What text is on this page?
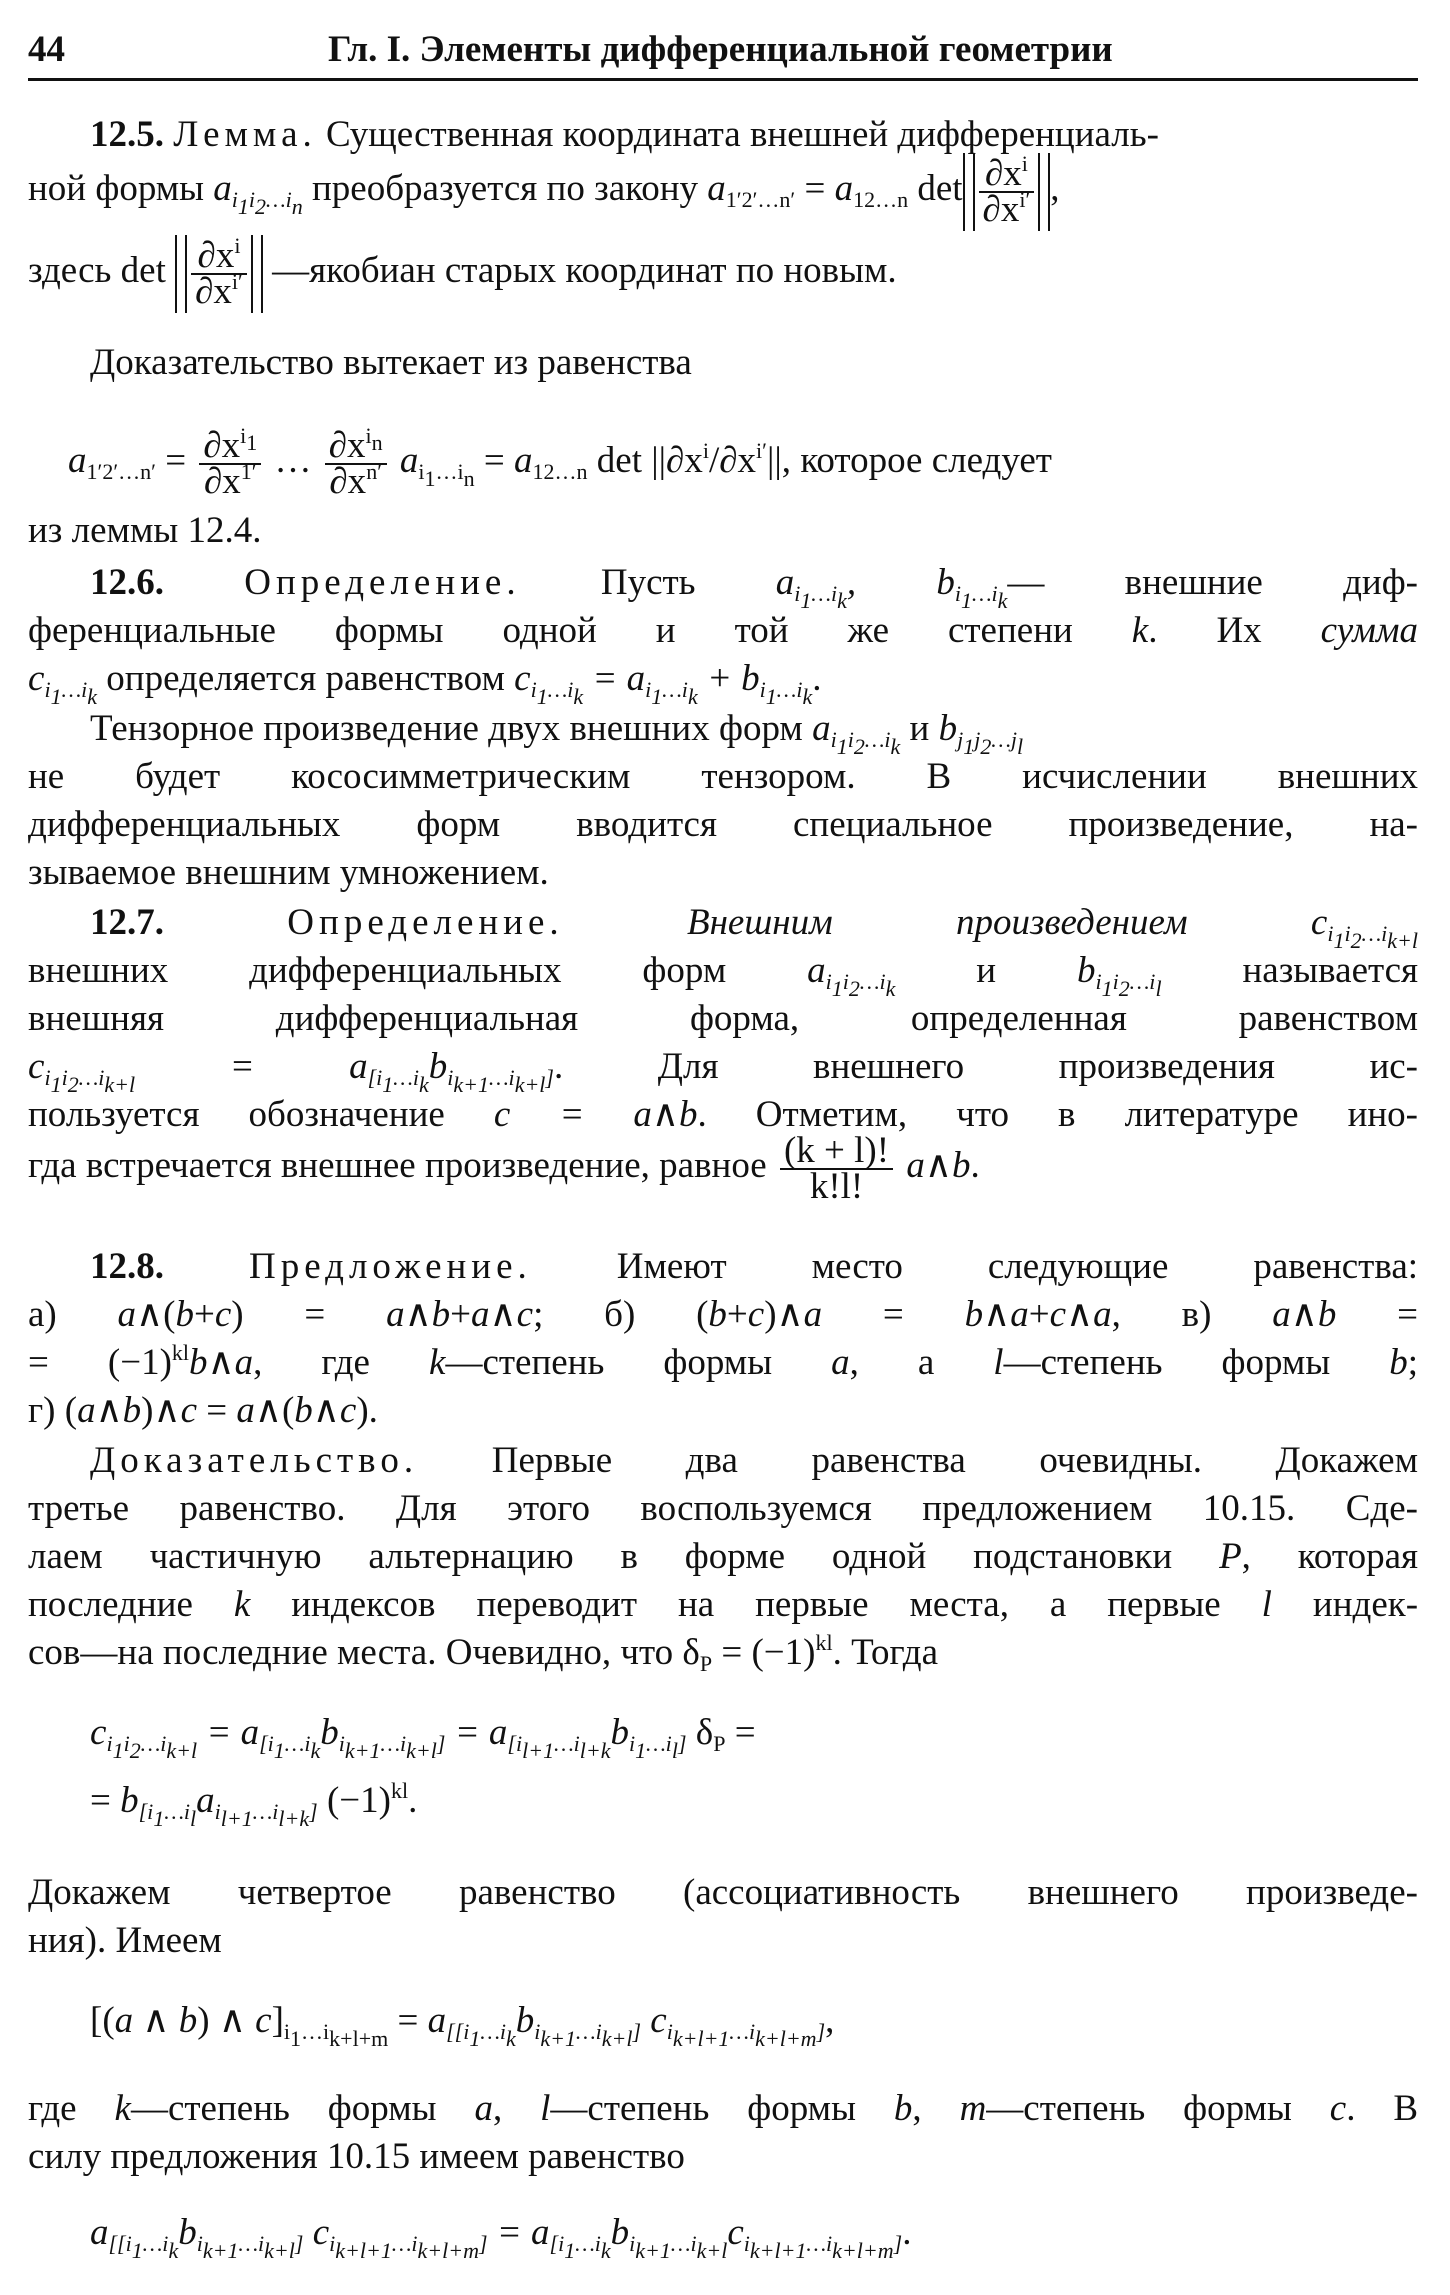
44	Гл. I. Элементы дифференциальной геометрии
12.5. Лемма. Существенная координата внешней дифференциаль-
ной формы $a_{i_1i_2\dots i_n}$ преобразуется по закону $a_{1'2'\dots n'} = a_{12\dots n}$ $\det \frac{\partial x^i}{\partial x^{i'}}$ ,
здесь $\det \frac{\partial x^i}{\partial x^{i'}}$ —якобиан старых координат по новым.
Доказательство вытекает из равенства
$a_{1'2'\dots n'} = \frac{\partial x^{i_1}}{\partial x^{1'}}$ … $\frac{\partial x^{i_n}}{\partial x^{n'}} a_{i_1\dots i_n} = a_{12\dots n}$ $\det ||\partial x^i/\partial x^{i'}||$, которое следует
из леммы 12.4.
12.6. Определение. Пусть $a_{i_1\dots i_k}$, $b_{i_1\dots i_k}—$ внешние диф-
ференциальные формы одной и той же степени k. Их сумма
$c_{i_1\dots i_k}$ определяется равенством $c_{i_1\dots i_k} = a_{i_1\dots i_k} + b_{i_1\dots i_k}$.
Тензорное произведение двух внешних форм $a_{i_1i_2\dots i_k}$ и $b_{j_1j_2\dots j_l}$
не будет кососимметрическим тензором. В исчислении внешних
дифференциальных форм вводится специальное произведение, на-
зываемое внешним умножением.
12.7.	Определение.	Внешним произведением	$c_{i_1i_2\dots i_{k+l}}$
внешних дифференциальных форм $a_{i_1i_2\dots i_k}$ и $b_{i_1i_2\dots i_l}$ называется
внешняя дифференциальная форма, определенная равенством
$c_{i_1i_2\dots i_{k+l}} = a_{[i_1\dots i_k}b_{i_{k+1}\dots i_{k+l}]}$. Для внешнего произведения ис-
пользуется обозначение c = a∧b. Отметим, что в литературе ино-
гда встречается внешнее произведение, равное $\frac{(k + l)!}{k!l!}$ a∧b.
12.8. Предложение. Имеют место следующие равенства:
а) a∧(b+c) = a∧b+a∧c; б) (b+c)∧a = b∧a+c∧a, в) a∧b =
= $(-1)^{kl}b\wedge a$, где k—степень формы a, а l—степень формы b;
г) (a∧b)∧c = a∧(b∧c).
Доказательство. Первые два равенства очевидны. Докажем
третье равенство. Для этого воспользуемся предложением 10.15. Сде-
лаем частичную альтернацию в форме одной подстановки P, которая
последние k индексов переводит на первые места, а первые l индек-
сов—на последние места. Очевидно, что $\delta_P = (-1)^{kl}$. Тогда
$c_{i_1i_2\dots i_{k+l}} = a_{[i_1\dots i_k}b_{i_{k+1}\dots i_{k+l}]} = a_{[i_{l+1}\dots i_{l+k}}b_{i_1\dots i_l]}$ $\delta_P$ =
= $b_{[i_1\dots i_l}a_{i_{l+1}\dots i_{l+k}]}$ $(-1)^{kl}$.
Докажем четвертое равенство (ассоциативность внешнего произведе-
ния). Имеем
[(a ∧ b) ∧ $c]_{i_1\dots i_{k+l+m}} = a_{[[i_1\dots i_k}b_{i_{k+1}\dots i_{k+l}]}$ $c_{i_{k+l+1}\dots i_{k+l+m}]}$,
где k—степень формы a, l—степень формы b, m—степень формы c. В
силу предложения 10.15 имеем равенство
$a_{[[i_1\dots i_k}b_{i_{k+1}\dots i_{k+l}]}$ $c_{i_{k+l+1}\dots i_{k+l+m}]} = a_{[i_1\dots i_k}b_{i_{k+1}\dots i_{k+l}}c_{i_{k+l+1}\dots i_{k+l+m}]}$.
